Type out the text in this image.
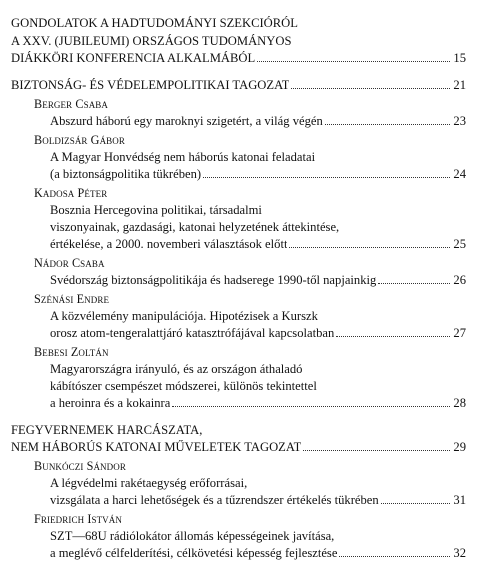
GONDOLATOK A HADTUDOMÁNYI SZEKCIÓRÓL
A XXV. (JUBILEUMI) ORSZÁGOS TUDOMÁNYOS
DIÁKKÖRI KONFERENCIA ALKALMÁBÓL	15
BIZTONSÁG- ÉS VÉDELEMPOLITIKAI TAGOZAT	21
Berger Csaba
Abszurd háború egy maroknyi szigetért, a világ végén	23
Boldizsár Gábor
A Magyar Honvédség nem háborús katonai feladatai
(a biztonságpolitika tükrében)	24
Kadosa Péter
Bosznia Hercegovina politikai, társadalmi
viszonyainak, gazdasági, katonai helyzetének áttekintése,
értékelése, a 2000. novemberi választások előtt	25
Nádor Csaba
Svédország biztonságpolitikája és hadserege 1990-től napjainkig	26
Szénási Endre
A közvélemény manipulációja. Hipotézisek a Kurszk
orosz atom-tengeralattjáró katasztrófájával kapcsolatban	27
Bebesi Zoltán
Magyarországra irányuló, és az országon áthaladó
kábítószer csempészet módszerei, különös tekintettel
a heroinra és a kokainra	28
FEGYVERNEMEK HARCÁSZATA,
NEM HÁBORÚS KATONAI MŰVELETEK TAGOZAT	29
Bunkóczi Sándor
A légvédelmi rakétaegység erőforrásai,
vizsgálata a harci lehetőségek és a tűzrendszer értékelés tükrében	31
Friedrich István
SZT—68U rádiólokátor állomás képességeinek javítása,
a meglévő célfelderítési, célkövetési képesség fejlesztése	32
